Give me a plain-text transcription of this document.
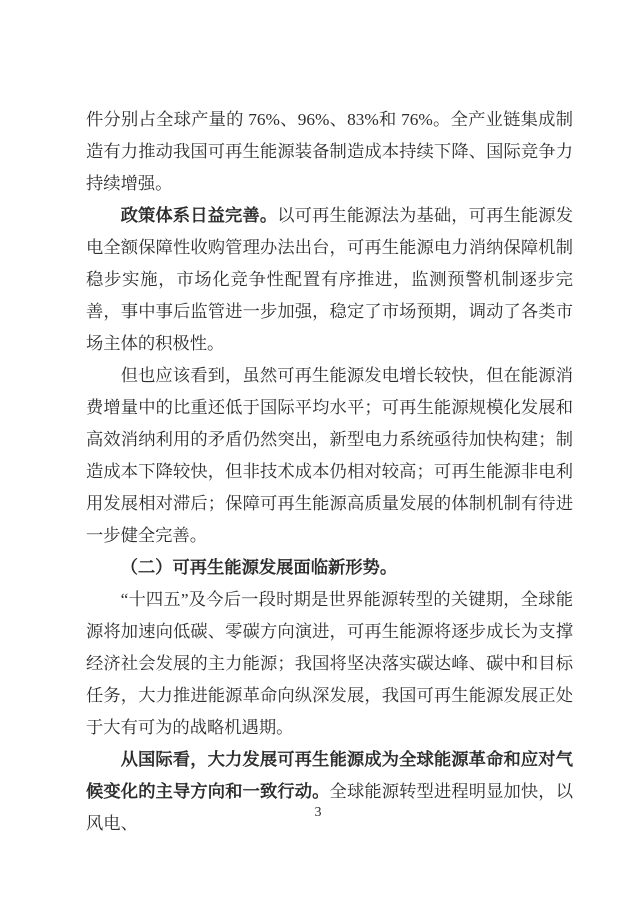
件分别占全球产量的 76%、96%、83%和 76%。全产业链集成制造有力推动我国可再生能源装备制造成本持续下降、国际竞争力持续增强。

政策体系日益完善。以可再生能源法为基础，可再生能源发电全额保障性收购管理办法出台，可再生能源电力消纳保障机制稳步实施，市场化竞争性配置有序推进，监测预警机制逐步完善，事中事后监管进一步加强，稳定了市场预期，调动了各类市场主体的积极性。

但也应该看到，虽然可再生能源发电增长较快，但在能源消费增量中的比重还低于国际平均水平；可再生能源规模化发展和高效消纳利用的矛盾仍然突出，新型电力系统亟待加快构建；制造成本下降较快，但非技术成本仍相对较高；可再生能源非电利用发展相对滞后；保障可再生能源高质量发展的体制机制有待进一步健全完善。

（二）可再生能源发展面临新形势。

“十四五”及今后一段时期是世界能源转型的关键期，全球能源将加速向低碳、零碳方向演进，可再生能源将逐步成长为支撑经济社会发展的主力能源；我国将坚决落实碳达峰、碳中和目标任务，大力推进能源革命向纵深发展，我国可再生能源发展正处于大有可为的战略机遇期。

从国际看，大力发展可再生能源成为全球能源革命和应对气候变化的主导方向和一致行动。全球能源转型进程明显加快，以风电、

3
